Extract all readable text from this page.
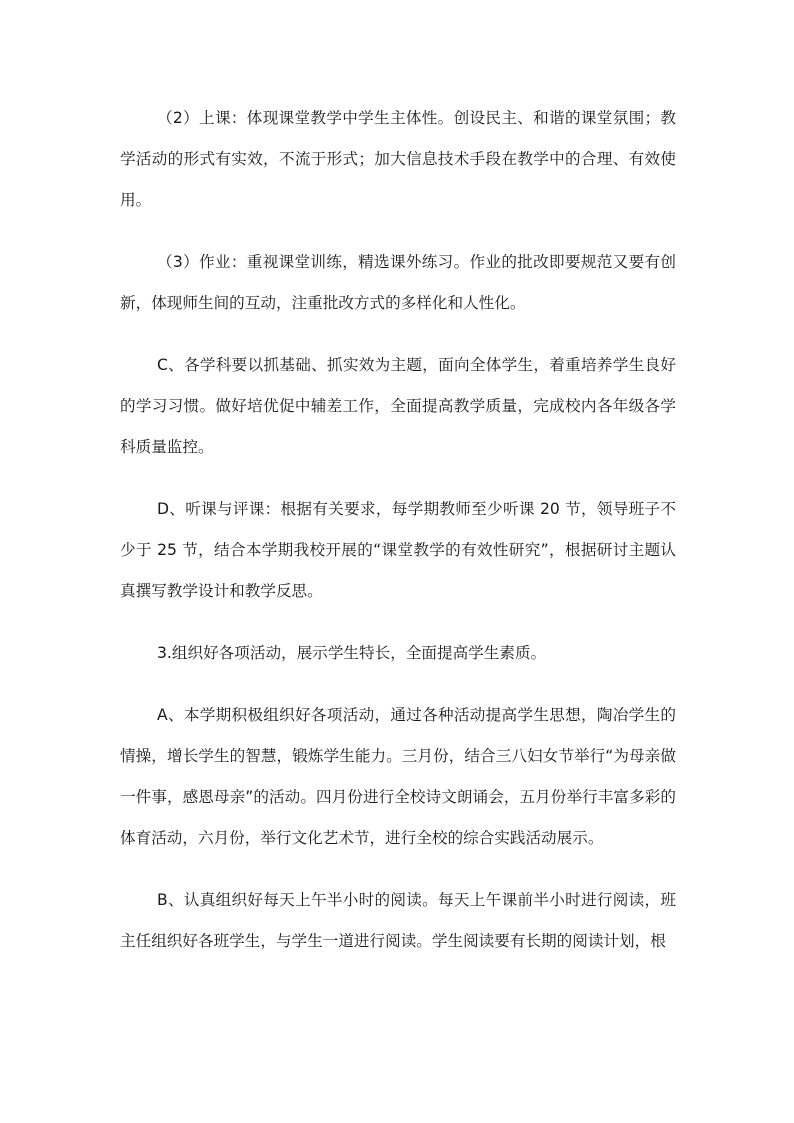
（2）上课：体现课堂教学中学生主体性。创设民主、和谐的课堂氛围；教学活动的形式有实效，不流于形式；加大信息技术手段在教学中的合理、有效使用。

（3）作业：重视课堂训练，精选课外练习。作业的批改即要规范又要有创新，体现师生间的互动，注重批改方式的多样化和人性化。

C、各学科要以抓基础、抓实效为主题，面向全体学生，着重培养学生良好的学习习惯。做好培优促中辅差工作，全面提高教学质量，完成校内各年级各学科质量监控。

D、听课与评课：根据有关要求，每学期教师至少听课 20 节，领导班子不少于 25 节，结合本学期我校开展的“课堂教学的有效性研究”，根据研讨主题认真撰写教学设计和教学反思。

3.组织好各项活动，展示学生特长，全面提高学生素质。

A、本学期积极组织好各项活动，通过各种活动提高学生思想，陶冶学生的情操，增长学生的智慧，锻炼学生能力。三月份，结合三八妇女节举行“为母亲做一件事，感恩母亲”的活动。四月份进行全校诗文朗诵会，五月份举行丰富多彩的体育活动，六月份，举行文化艺术节，进行全校的综合实践活动展示。

B、认真组织好每天上午半小时的阅读。每天上午课前半小时进行阅读，班主任组织好各班学生，与学生一道进行阅读。学生阅读要有长期的阅读计划，根
